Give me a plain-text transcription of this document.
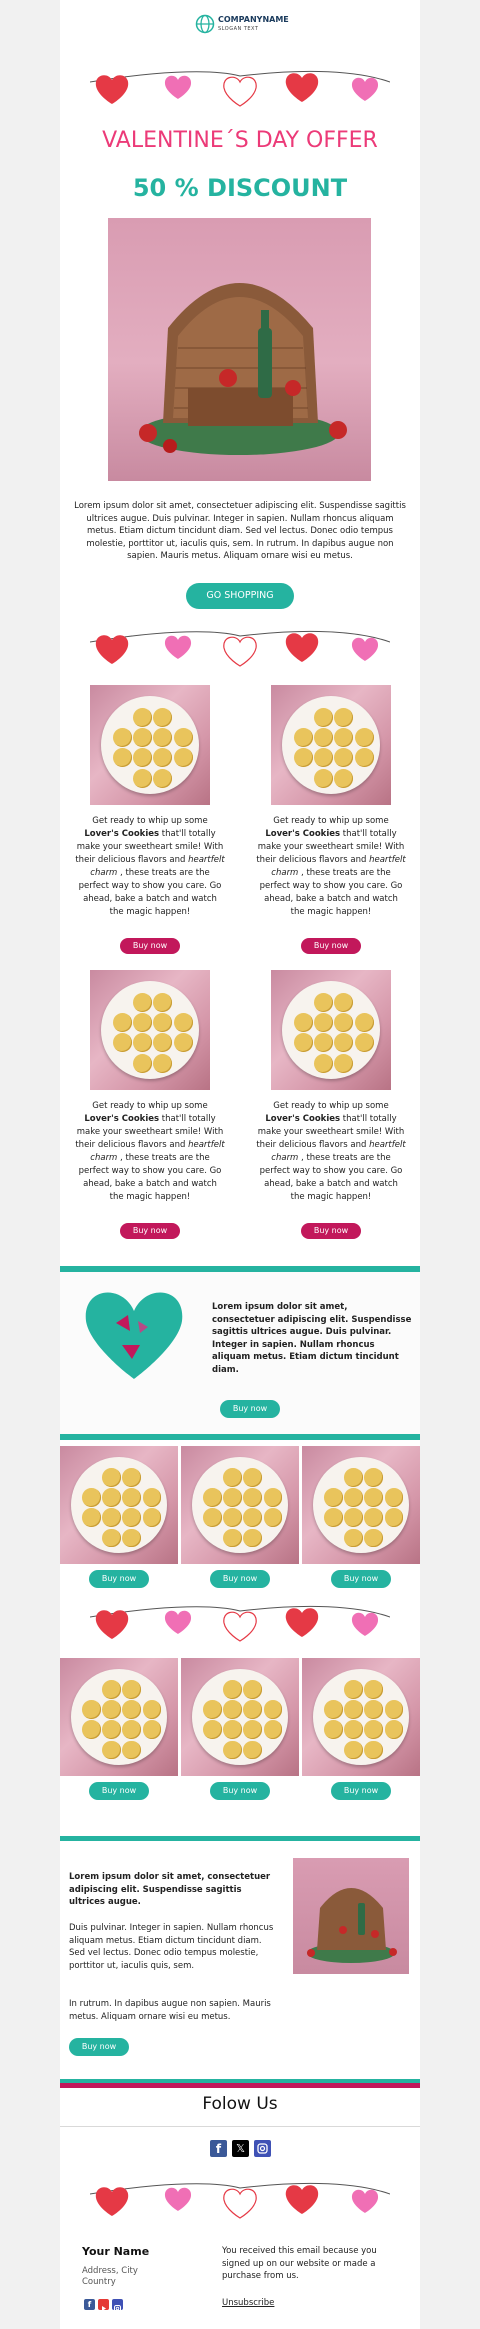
COMPANYNAME
SLOGAN TEXT
VALENTINE´S DAY OFFER
50 % DISCOUNT
Lorem ipsum dolor sit amet, consectetuer adipiscing elit. Suspendisse sagittis ultrices augue. Duis pulvinar. Integer in sapien. Nullam rhoncus aliquam metus. Etiam dictum tincidunt diam. Sed vel lectus. Donec odio tempus molestie, porttitor ut, iaculis quis, sem. In rutrum. In dapibus augue non sapien. Mauris metus. Aliquam ornare wisi eu metus.
GO SHOPPING
Get ready to whip up some Lover's Cookies that'll totally make your sweetheart smile! With their delicious flavors and heartfelt charm , these treats are the perfect way to show you care. Go ahead, bake a batch and watch the magic happen!
Get ready to whip up some Lover's Cookies that'll totally make your sweetheart smile! With their delicious flavors and heartfelt charm , these treats are the perfect way to show you care. Go ahead, bake a batch and watch the magic happen!
Get ready to whip up some Lover's Cookies that'll totally make your sweetheart smile! With their delicious flavors and heartfelt charm , these treats are the perfect way to show you care. Go ahead, bake a batch and watch the magic happen!
Get ready to whip up some Lover's Cookies that'll totally make your sweetheart smile! With their delicious flavors and heartfelt charm , these treats are the perfect way to show you care. Go ahead, bake a batch and watch the magic happen!
Buy now	Buy now
Buy now	Buy now
Lorem ipsum dolor sit amet, consectetuer adipiscing elit. Suspendisse sagittis ultrices augue. Duis pulvinar. Integer in sapien. Nullam rhoncus aliquam metus. Etiam dictum tincidunt diam.
Buy now
Buy now	Buy now	Buy now
Buy now	Buy now	Buy now
Lorem ipsum dolor sit amet, consectetuer adipiscing elit. Suspendisse sagittis ultrices augue.
Duis pulvinar. Integer in sapien. Nullam rhoncus aliquam metus. Etiam dictum tincidunt diam. Sed vel lectus. Donec odio tempus molestie, porttitor ut, iaculis quis, sem.
In rutrum. In dapibus augue non sapien. Mauris metus. Aliquam ornare wisi eu metus.
Buy now
Folow Us
f	𝕏
Your Name
Address, City
Country
f
You received this email because you signed up on our website or made a purchase from us.
Unsubscribe
